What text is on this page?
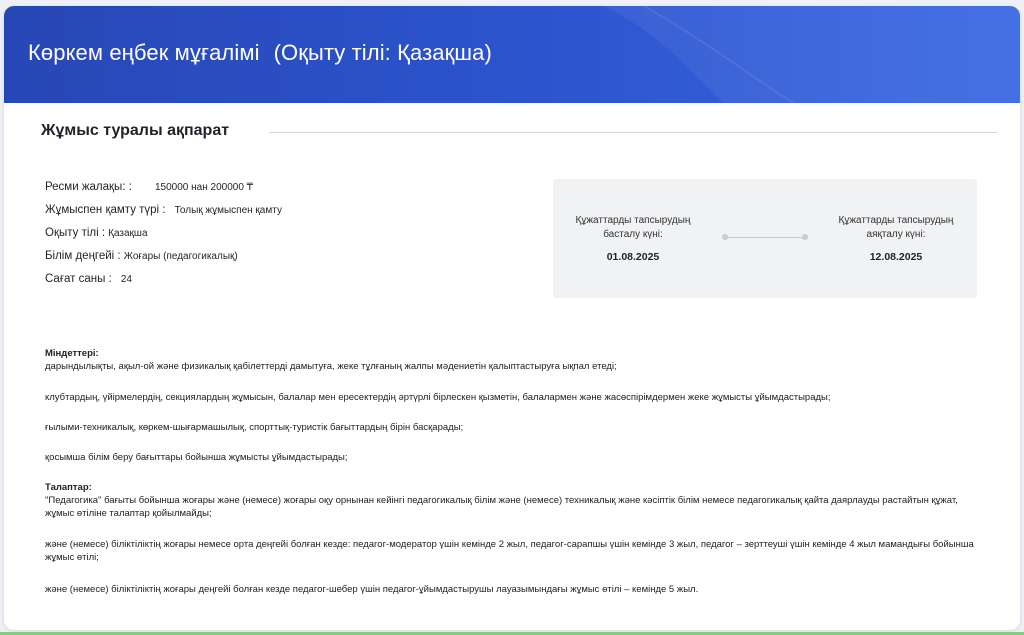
Көркем еңбек мұғалімі (Оқыту тілі: Қазақша)
Жұмыс туралы ақпарат
Ресми жалақы: : 150000 нан 200000 ₸
Жұмыспен қамту түрі : Толық жұмыспен қамту
Оқыту тілі : Қазақша
Білім деңгейі : Жоғары (педагогикалық)
Сағат саны : 24
Құжаттарды тапсырудың
басталу күні:
01.08.2025
Құжаттарды тапсырудың
аяқталу күні:
12.08.2025
Міндеттері:
дарындылықты, ақыл-ой және физикалық қабілеттерді дамытуға, жеке тұлғаның жалпы мәдениетін қалыптастыруға ықпал етеді;
клубтардың, үйірмелердің, секциялардың жұмысын, балалар мен ересектердің әртүрлі бірлескен қызметін, балалармен және жасөспірімдермен жеке жұмысты ұйымдастырады;
ғылыми-техникалық, көркем-шығармашылық, спорттық-туристік бағыттардың бірін басқарады;
қосымша білім беру бағыттары бойынша жұмысты ұйымдастырады;
Талаптар:
"Педагогика" бағыты бойынша жоғары және (немесе) жоғары оқу орнынан кейінгі педагогикалық білім және (немесе) техникалық және кәсіптік білім немесе педагогикалық қайта даярлауды растайтын құжат, жұмыс өтіліне талаптар қойылмайды;
және (немесе) біліктіліктің жоғары немесе орта деңгейі болған кезде: педагог-модератор үшін кемінде 2 жыл, педагог-сарапшы үшін кемінде 3 жыл, педагог – зерттеуші үшін кемінде 4 жыл мамандығы бойынша жұмыс өтілі;
және (немесе) біліктіліктің жоғары деңгейі болған кезде педагог-шебер үшін педагог-ұйымдастырушы лауазымындағы жұмыс өтілі – кемінде 5 жыл.
